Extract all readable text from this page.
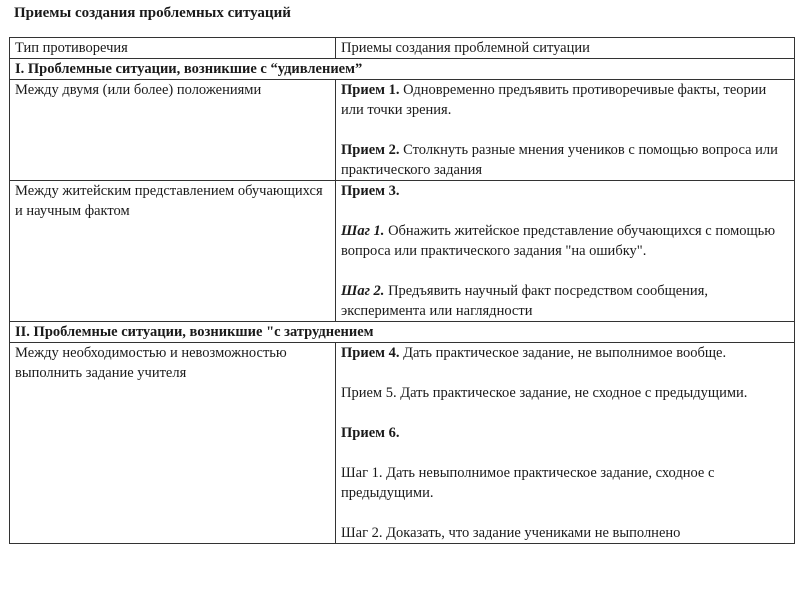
Приемы создания проблемных ситуаций
Тип противоречия	Приемы создания проблемной ситуации
I. Проблемные ситуации, возникшие с “удивлением”	
Между двумя (или более) положениями	Прием 1. Одновременно предъявить противоречивые факты, теории или точки зрения.
Прием 2. Столкнуть разные мнения учеников с помощью вопроса или практического задания

Между житейским представлением обучающихся и научным фактом	Прием 3.
Шаг 1. Обнажить житейское представление обучающихся с помощью вопроса или практического задания "на ошибку".
Шаг 2. Предъявить научный факт посредством сообщения, эксперимента или наглядности

II. Проблемные ситуации, возникшие "с затруднением	
Между необходимостью и невозможностью выполнить задание учителя	Прием 4. Дать практическое задание, не выполнимое вообще.
Прием 5. Дать практическое задание, не сходное с предыдущими.
Прием 6.
Шаг 1. Дать невыполнимое практическое задание, сходное с предыдущими.
Шаг 2. Доказать, что задание учениками не выполнено
